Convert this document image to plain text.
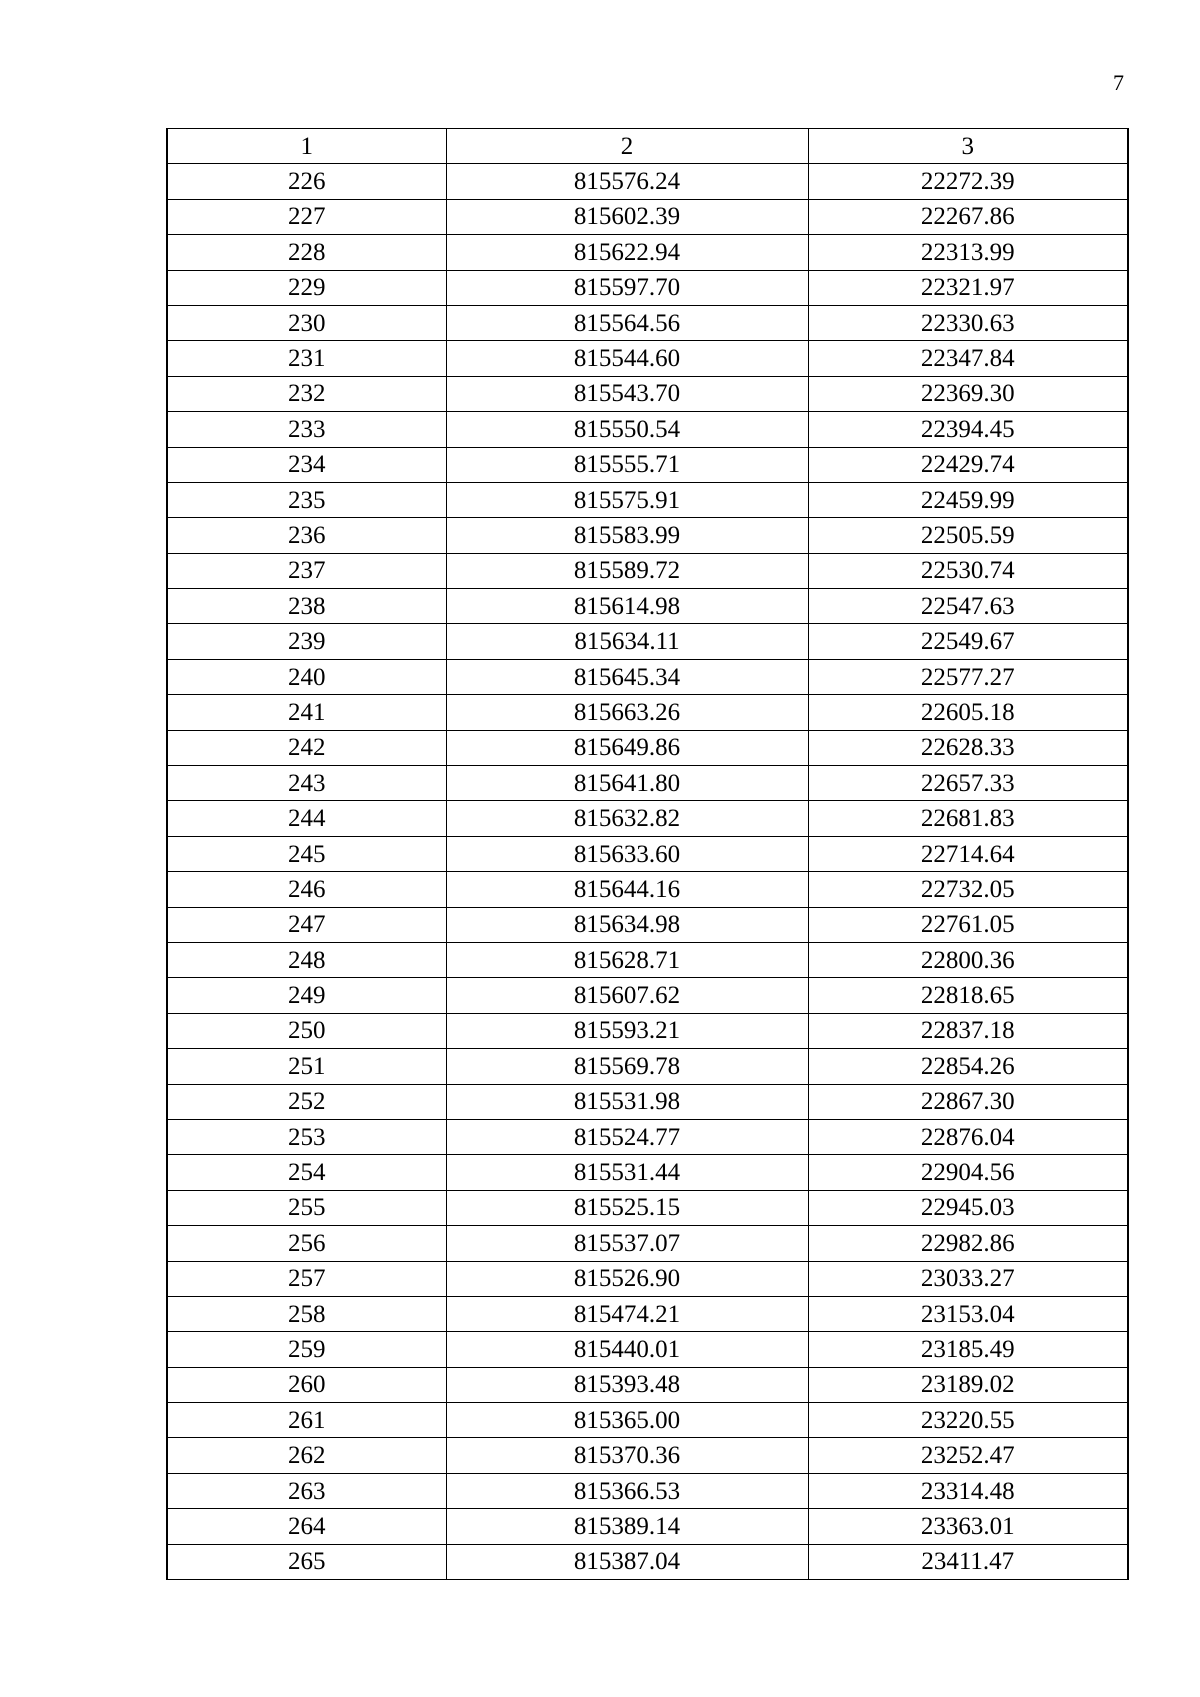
7
1	2	3
226	815576.24	22272.39
227	815602.39	22267.86
228	815622.94	22313.99
229	815597.70	22321.97
230	815564.56	22330.63
231	815544.60	22347.84
232	815543.70	22369.30
233	815550.54	22394.45
234	815555.71	22429.74
235	815575.91	22459.99
236	815583.99	22505.59
237	815589.72	22530.74
238	815614.98	22547.63
239	815634.11	22549.67
240	815645.34	22577.27
241	815663.26	22605.18
242	815649.86	22628.33
243	815641.80	22657.33
244	815632.82	22681.83
245	815633.60	22714.64
246	815644.16	22732.05
247	815634.98	22761.05
248	815628.71	22800.36
249	815607.62	22818.65
250	815593.21	22837.18
251	815569.78	22854.26
252	815531.98	22867.30
253	815524.77	22876.04
254	815531.44	22904.56
255	815525.15	22945.03
256	815537.07	22982.86
257	815526.90	23033.27
258	815474.21	23153.04
259	815440.01	23185.49
260	815393.48	23189.02
261	815365.00	23220.55
262	815370.36	23252.47
263	815366.53	23314.48
264	815389.14	23363.01
265	815387.04	23411.47
